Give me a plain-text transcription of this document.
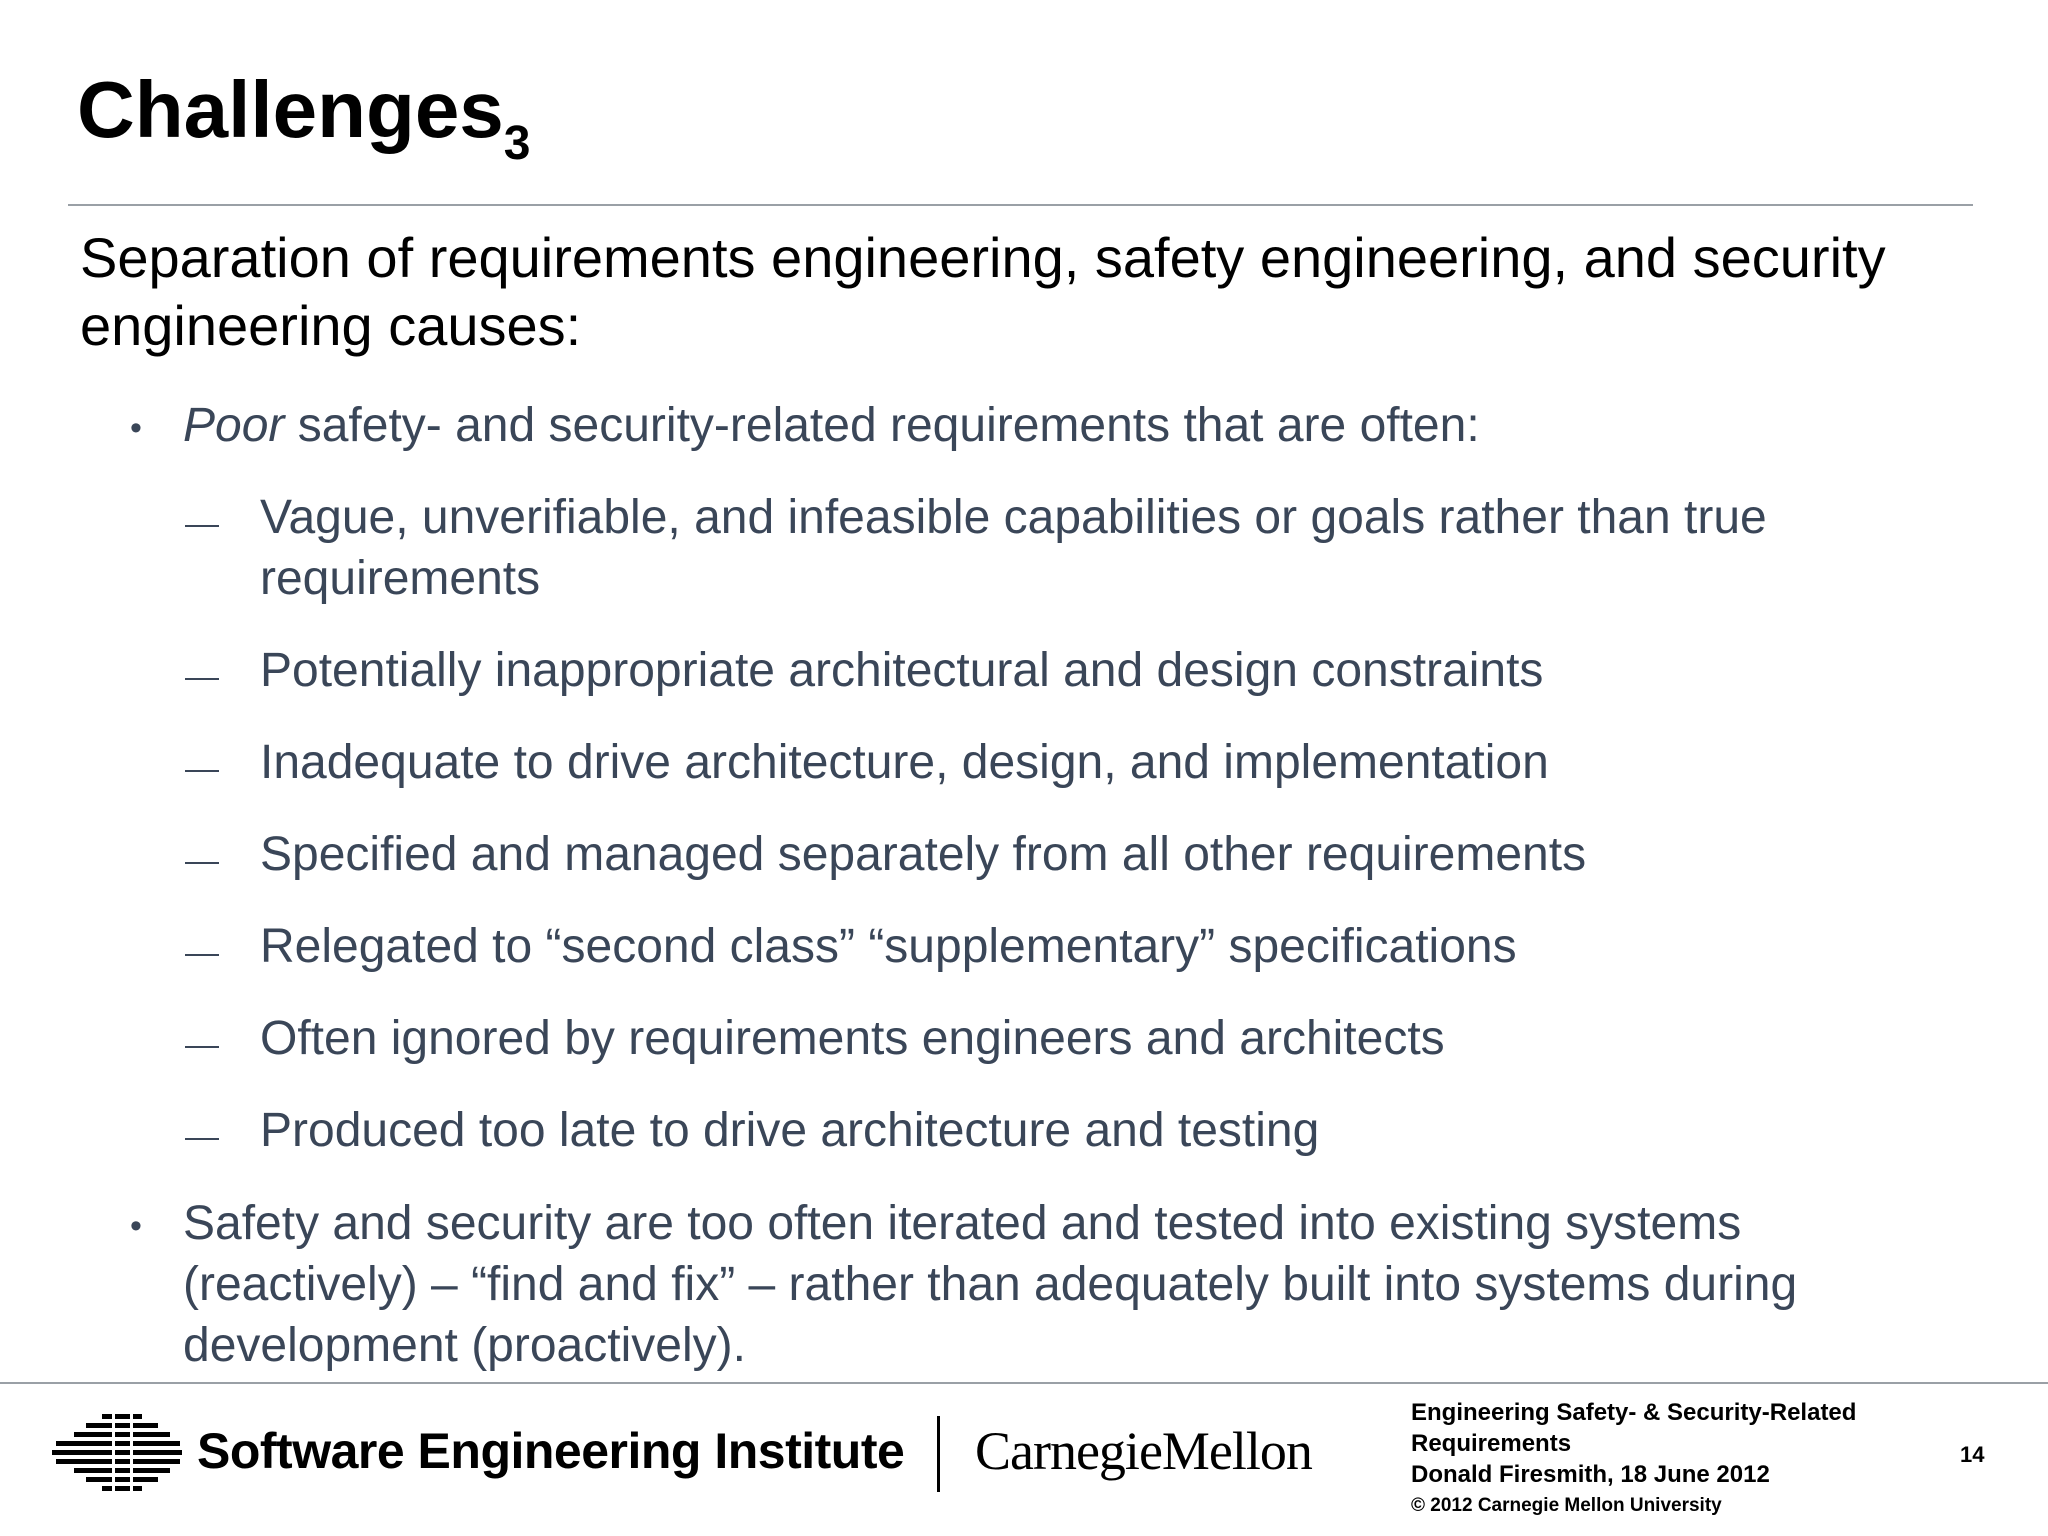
Challenges$_3$
Separation of requirements engineering, safety engineering, and security engineering causes:
• Poor safety- and security-related requirements that are often:
Vague, unverifiable, and infeasible capabilities or goals rather than true
requirements
Potentially inappropriate architectural and design constraints
Inadequate to drive architecture, design, and implementation
Specified and managed separately from all other requirements
Relegated to “second class” “supplementary” specifications
Often ignored by requirements engineers and architects
Produced too late to drive architecture and testing
• Safety and security are too often iterated and tested into existing systems
(reactively) – “find and fix” – rather than adequately built into systems during
development (proactively).
Software Engineering Institute CarnegieMellon
Engineering Safety- & Security-Related Requirements
Donald Firesmith, 18 June 2012
© 2012 Carnegie Mellon University
14
